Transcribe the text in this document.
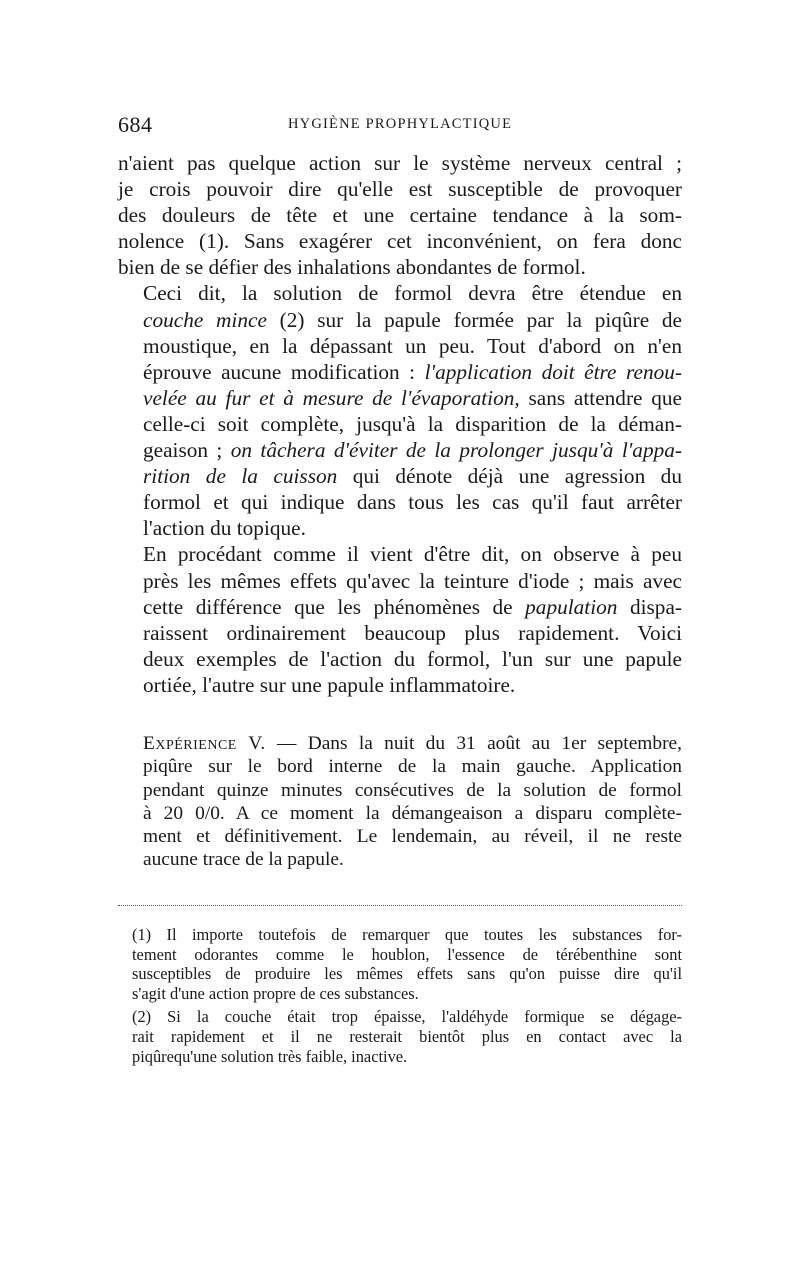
684	HYGIÈNE PROPHYLACTIQUE

n'aient pas quelque action sur le système nerveux central ;
je crois pouvoir dire qu'elle est susceptible de provoquer
des douleurs de tête et une certaine tendance à la som-
nolence (1). Sans exagérer cet inconvénient, on fera donc
bien de se défier des inhalations abondantes de formol.

Ceci dit, la solution de formol devra être étendue en
couche mince (2) sur la papule formée par la piqûre de
moustique, en la dépassant un peu. Tout d'abord on n'en
éprouve aucune modification : l'application doit être renou-
velée au fur et à mesure de l'évaporation, sans attendre que
celle-ci soit complète, jusqu'à la disparition de la déman-
geaison ; on tâchera d'éviter de la prolonger jusqu'à l'appa-
rition de la cuisson qui dénote déjà une agression du
formol et qui indique dans tous les cas qu'il faut arrêter
l'action du topique.

En procédant comme il vient d'être dit, on observe à peu
près les mêmes effets qu'avec la teinture d'iode ; mais avec
cette différence que les phénomènes de papulation dispa-
raissent ordinairement beaucoup plus rapidement. Voici
deux exemples de l'action du formol, l'un sur une papule
ortiée, l'autre sur une papule inflammatoire.

Expérience V. — Dans la nuit du 31 août au 1er septembre,
piqûre sur le bord interne de la main gauche. Application
pendant quinze minutes consécutives de la solution de formol
à 20 0/0. A ce moment la démangeaison a disparu complète-
ment et définitivement. Le lendemain, au réveil, il ne reste
aucune trace de la papule.

(1) Il importe toutefois de remarquer que toutes les substances for-
tement odorantes comme le houblon, l'essence de térébenthine sont
susceptibles de produire les mêmes effets sans qu'on puisse dire qu'il
s'agit d'une action propre de ces substances.

(2) Si la couche était trop épaisse, l'aldéhyde formique se dégage-
rait rapidement et il ne resterait bientôt plus en contact avec la
piqûrequ'une solution très faible, inactive.
